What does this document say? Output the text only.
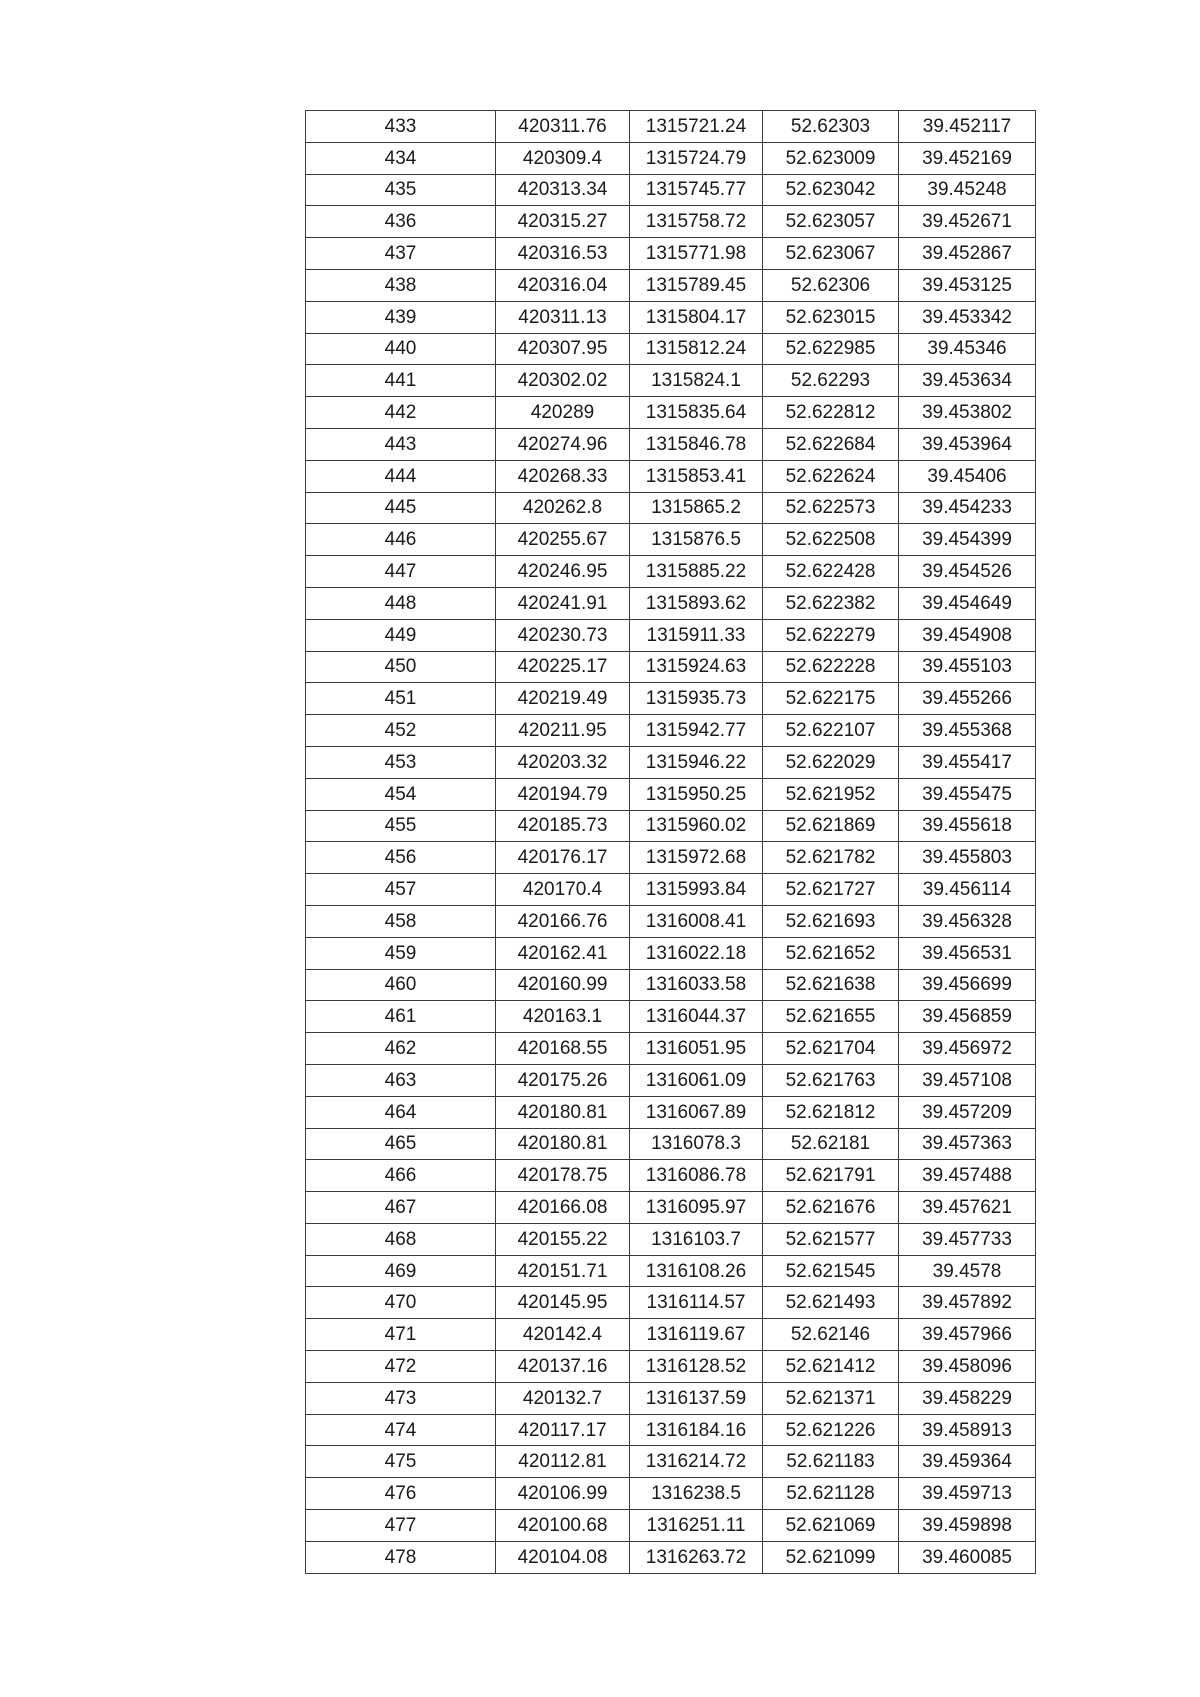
433	420311.76	1315721.24	52.62303	39.452117
434	420309.4	1315724.79	52.623009	39.452169
435	420313.34	1315745.77	52.623042	39.45248
436	420315.27	1315758.72	52.623057	39.452671
437	420316.53	1315771.98	52.623067	39.452867
438	420316.04	1315789.45	52.62306	39.453125
439	420311.13	1315804.17	52.623015	39.453342
440	420307.95	1315812.24	52.622985	39.45346
441	420302.02	1315824.1	52.62293	39.453634
442	420289	1315835.64	52.622812	39.453802
443	420274.96	1315846.78	52.622684	39.453964
444	420268.33	1315853.41	52.622624	39.45406
445	420262.8	1315865.2	52.622573	39.454233
446	420255.67	1315876.5	52.622508	39.454399
447	420246.95	1315885.22	52.622428	39.454526
448	420241.91	1315893.62	52.622382	39.454649
449	420230.73	1315911.33	52.622279	39.454908
450	420225.17	1315924.63	52.622228	39.455103
451	420219.49	1315935.73	52.622175	39.455266
452	420211.95	1315942.77	52.622107	39.455368
453	420203.32	1315946.22	52.622029	39.455417
454	420194.79	1315950.25	52.621952	39.455475
455	420185.73	1315960.02	52.621869	39.455618
456	420176.17	1315972.68	52.621782	39.455803
457	420170.4	1315993.84	52.621727	39.456114
458	420166.76	1316008.41	52.621693	39.456328
459	420162.41	1316022.18	52.621652	39.456531
460	420160.99	1316033.58	52.621638	39.456699
461	420163.1	1316044.37	52.621655	39.456859
462	420168.55	1316051.95	52.621704	39.456972
463	420175.26	1316061.09	52.621763	39.457108
464	420180.81	1316067.89	52.621812	39.457209
465	420180.81	1316078.3	52.62181	39.457363
466	420178.75	1316086.78	52.621791	39.457488
467	420166.08	1316095.97	52.621676	39.457621
468	420155.22	1316103.7	52.621577	39.457733
469	420151.71	1316108.26	52.621545	39.4578
470	420145.95	1316114.57	52.621493	39.457892
471	420142.4	1316119.67	52.62146	39.457966
472	420137.16	1316128.52	52.621412	39.458096
473	420132.7	1316137.59	52.621371	39.458229
474	420117.17	1316184.16	52.621226	39.458913
475	420112.81	1316214.72	52.621183	39.459364
476	420106.99	1316238.5	52.621128	39.459713
477	420100.68	1316251.11	52.621069	39.459898
478	420104.08	1316263.72	52.621099	39.460085
